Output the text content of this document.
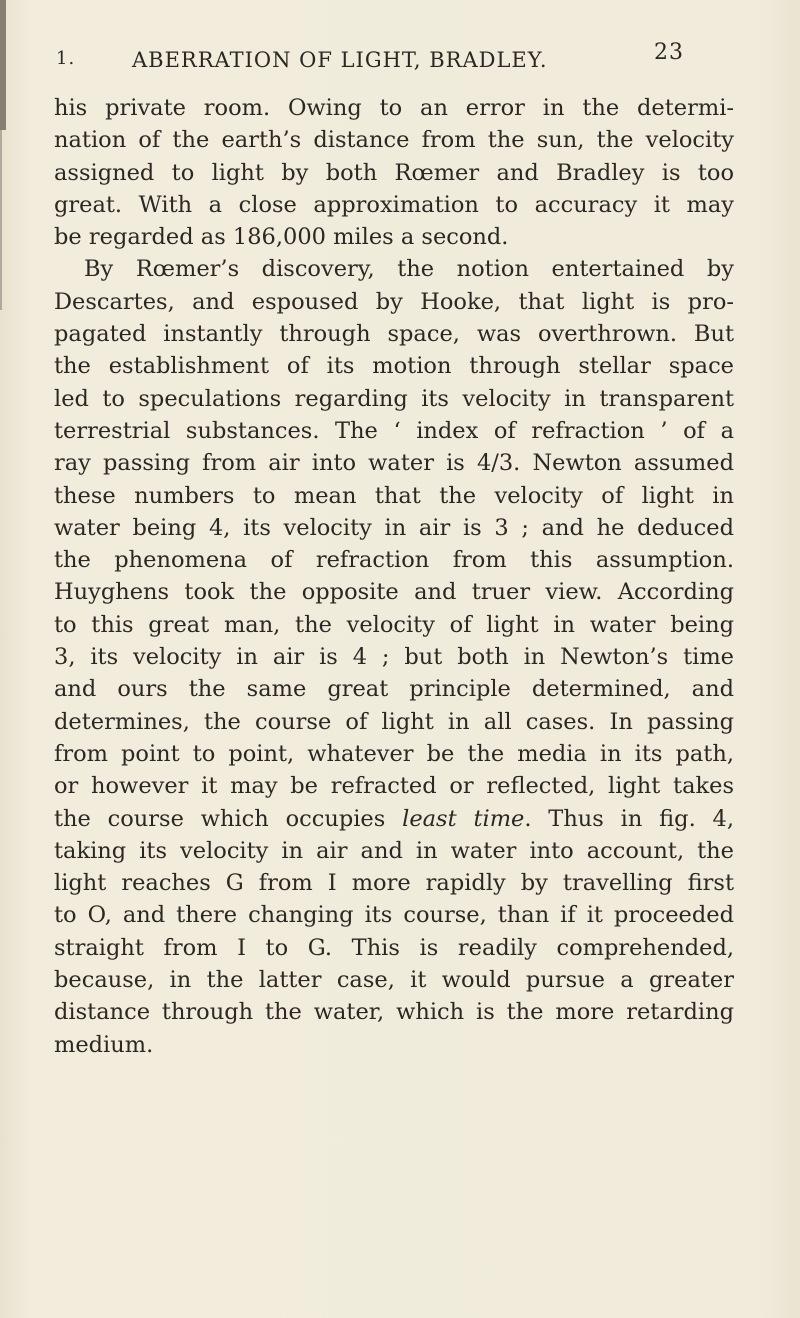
1.	ABERRATION OF LIGHT, BRADLEY.	23
his private room. Owing to an error in the determi-
nation of the earth’s distance from the sun, the velocity
assigned to light by both Rœmer and Bradley is too
great. With a close approximation to accuracy it may
be regarded as 186,000 miles a second.
By Rœmer’s discovery, the notion entertained by
Descartes, and espoused by Hooke, that light is pro-
pagated instantly through space, was overthrown. But
the establishment of its motion through stellar space
led to speculations regarding its velocity in transparent
terrestrial substances. The ‘ index of refraction ’ of a
ray passing from air into water is 4/3. Newton assumed
these numbers to mean that the velocity of light in
water being 4, its velocity in air is 3 ; and he deduced
the phenomena of refraction from this assumption.
Huyghens took the opposite and truer view. According
to this great man, the velocity of light in water being
3, its velocity in air is 4 ; but both in Newton’s time
and ours the same great principle determined, and
determines, the course of light in all cases. In passing
from point to point, whatever be the media in its path,
or however it may be refracted or reflected, light takes
the course which occupies least time. Thus in fig. 4,
taking its velocity in air and in water into account, the
light reaches G from I more rapidly by travelling first
to O, and there changing its course, than if it proceeded
straight from I to G. This is readily comprehended,
because, in the latter case, it would pursue a greater
distance through the water, which is the more retarding
medium.
